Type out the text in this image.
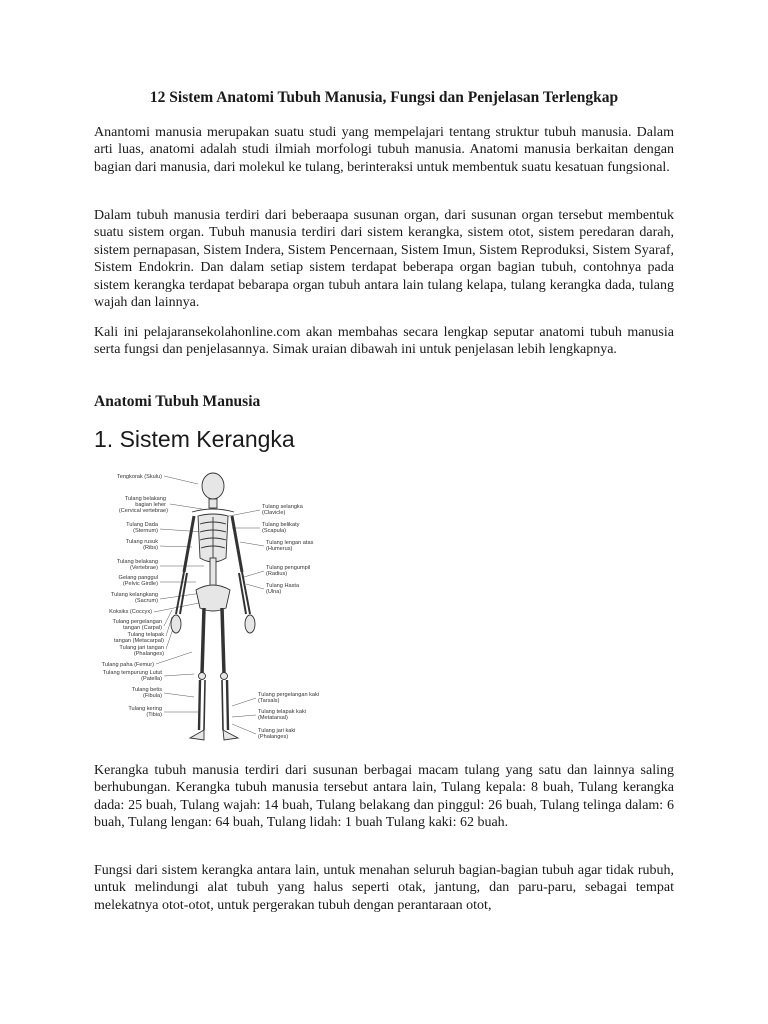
12 Sistem Anatomi Tubuh Manusia, Fungsi dan Penjelasan Terlengkap

Anantomi manusia merupakan suatu studi yang mempelajari tentang struktur tubuh manusia. Dalam arti luas, anatomi adalah studi ilmiah morfologi tubuh manusia. Anatomi manusia berkaitan dengan bagian dari manusia, dari molekul ke tulang, berinteraksi untuk membentuk suatu kesatuan fungsional.

Dalam tubuh manusia terdiri dari beberaapa susunan organ, dari susunan organ tersebut membentuk suatu sistem organ. Tubuh manusia terdiri dari sistem kerangka, sistem otot, sistem peredaran darah, sistem pernapasan, Sistem Indera, Sistem Pencernaan, Sistem Imun, Sistem Reproduksi, Sistem Syaraf, Sistem Endokrin. Dan dalam setiap sistem terdapat beberapa organ bagian tubuh, contohnya pada sistem kerangka terdapat bebarapa organ tubuh antara lain tulang kelapa, tulang kerangka dada, tulang wajah dan lainnya.

Kali ini pelajaransekolahonline.com akan membahas secara lengkap seputar anatomi tubuh manusia serta fungsi dan penjelasannya. Simak uraian dibawah ini untuk penjelasan lebih lengkapnya.

Anatomi Tubuh Manusia
1. Sistem Kerangka
Tengkorak (Skulu)
Tulang belakang
bagian leher
(Cervical vertebrae)
Tulang Dada
(Sternum)
Tulang rusuk
(Ribs)
Tulang belakang
(Vertebrae)
Gelang panggul
(Pelvic Girdle)
Tulang kelangkang
(Sacrum)
Koksiks (Coccyx)
Tulang pergelangan
tangan (Carpal)
Tulang telapak
tangan (Metacarpal)
Tulang jari tangan
(Phalanges)
Tulang paha (Femur)
Tulang tempurung Lutut
(Patella)
Tulang betis
(Fibula)
Tulang kering
(Tibia)
Tulang selangka
(Clavicle)
Tulang belikaty
(Scapula)
Tulang lengan atas
(Humerus)
Tulang pengumpil
(Radius)
Tulang Hasta
(Ulna)
Tulang pergelangan kaki
(Tarsals)
Tulang telapak kaki
(Metatarsal)
Tulang jari kaki
(Phalanges)

Kerangka tubuh manusia terdiri dari susunan berbagai macam tulang yang satu dan lainnya saling berhubungan. Kerangka tubuh manusia tersebut antara lain, Tulang kepala: 8 buah, Tulang kerangka dada: 25 buah, Tulang wajah: 14 buah, Tulang belakang dan pinggul: 26 buah, Tulang telinga dalam: 6 buah, Tulang lengan: 64 buah, Tulang lidah: 1 buah Tulang kaki: 62 buah.

Fungsi dari sistem kerangka antara lain, untuk menahan seluruh bagian-bagian tubuh agar tidak rubuh, untuk melindungi alat tubuh yang halus seperti otak, jantung, dan paru-paru, sebagai tempat melekatnya otot-otot, untuk pergerakan tubuh dengan perantaraan otot,
